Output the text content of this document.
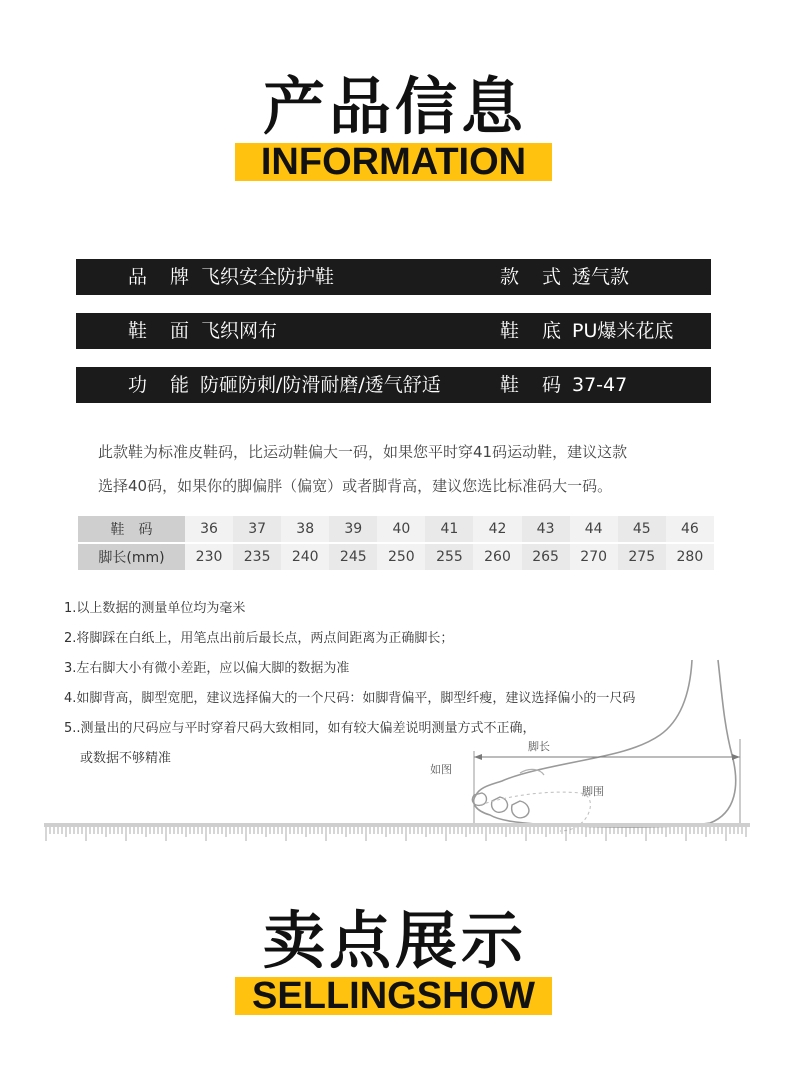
产品信息
INFORMATION
品　牌 飞织安全防护鞋	款　式 透气款
鞋　面 飞织网布	鞋　底 PU爆米花底
功　能 防砸防刺/防滑耐磨/透气舒适	鞋　码 37-47
此款鞋为标准皮鞋码，比运动鞋偏大一码，如果您平时穿41码运动鞋，建议这款
选择40码，如果你的脚偏胖（偏宽）或者脚背高，建议您选比标准码大一码。
鞋　码	36	37	38	39	40	41	42	43	44	45	46
脚长(mm)	230	235	240	245	250	255	260	265	270	275	280
脚长
如图
脚围
1.以上数据的测量单位均为毫米
2.将脚踩在白纸上，用笔点出前后最长点，两点间距离为正确脚长；
3.左右脚大小有微小差距，应以偏大脚的数据为准
4.如脚背高，脚型宽肥，建议选择偏大的一个尺码：如脚背偏平，脚型纤瘦，建议选择偏小的一尺码
5..测量出的尺码应与平时穿着尺码大致相同，如有较大偏差说明测量方式不正确，
或数据不够精准
卖点展示
SELLINGSHOW
